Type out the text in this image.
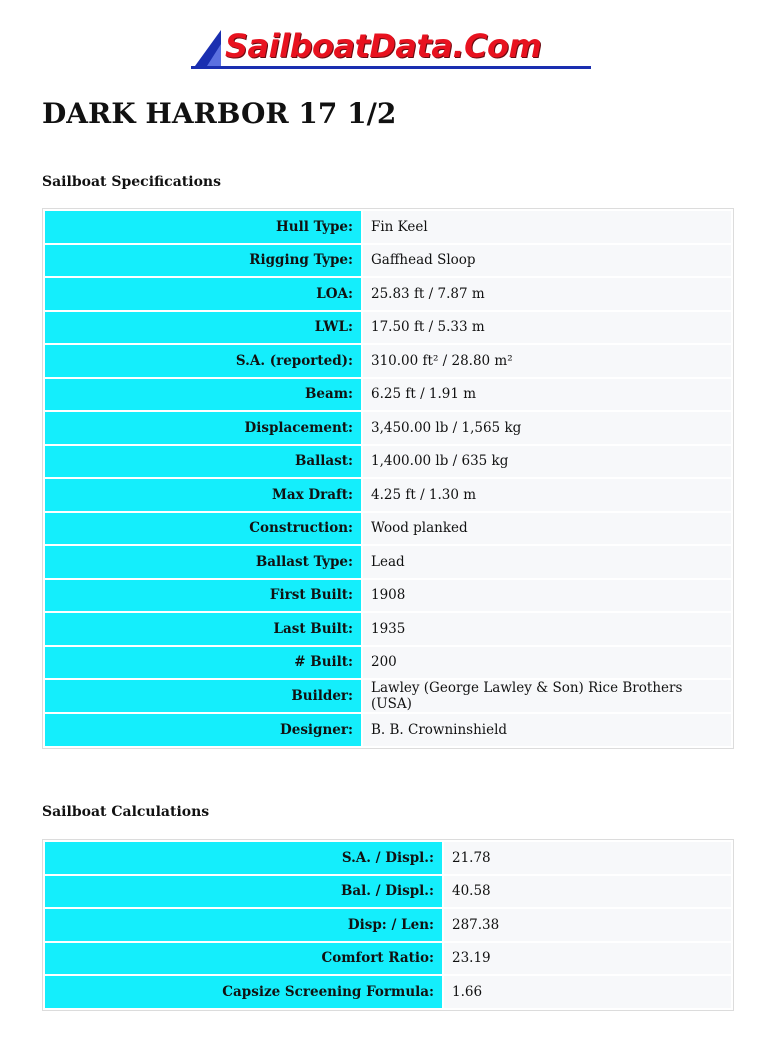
SailboatData.Com
DARK HARBOR 17 1/2
Sailboat Specifications
Hull Type:	Fin Keel
Rigging Type:	Gaffhead Sloop
LOA:	25.83 ft / 7.87 m
LWL:	17.50 ft / 5.33 m
S.A. (reported):	310.00 ft² / 28.80 m²
Beam:	6.25 ft / 1.91 m
Displacement:	3,450.00 lb / 1,565 kg
Ballast:	1,400.00 lb / 635 kg
Max Draft:	4.25 ft / 1.30 m
Construction:	Wood planked
Ballast Type:	Lead
First Built:	1908
Last Built:	1935
# Built:	200
Builder:	Lawley (George Lawley & Son) Rice Brothers (USA)
Designer:	B. B. Crowninshield
Sailboat Calculations
S.A. / Displ.:	21.78
Bal. / Displ.:	40.58
Disp: / Len:	287.38
Comfort Ratio:	23.19
Capsize Screening Formula:	1.66
